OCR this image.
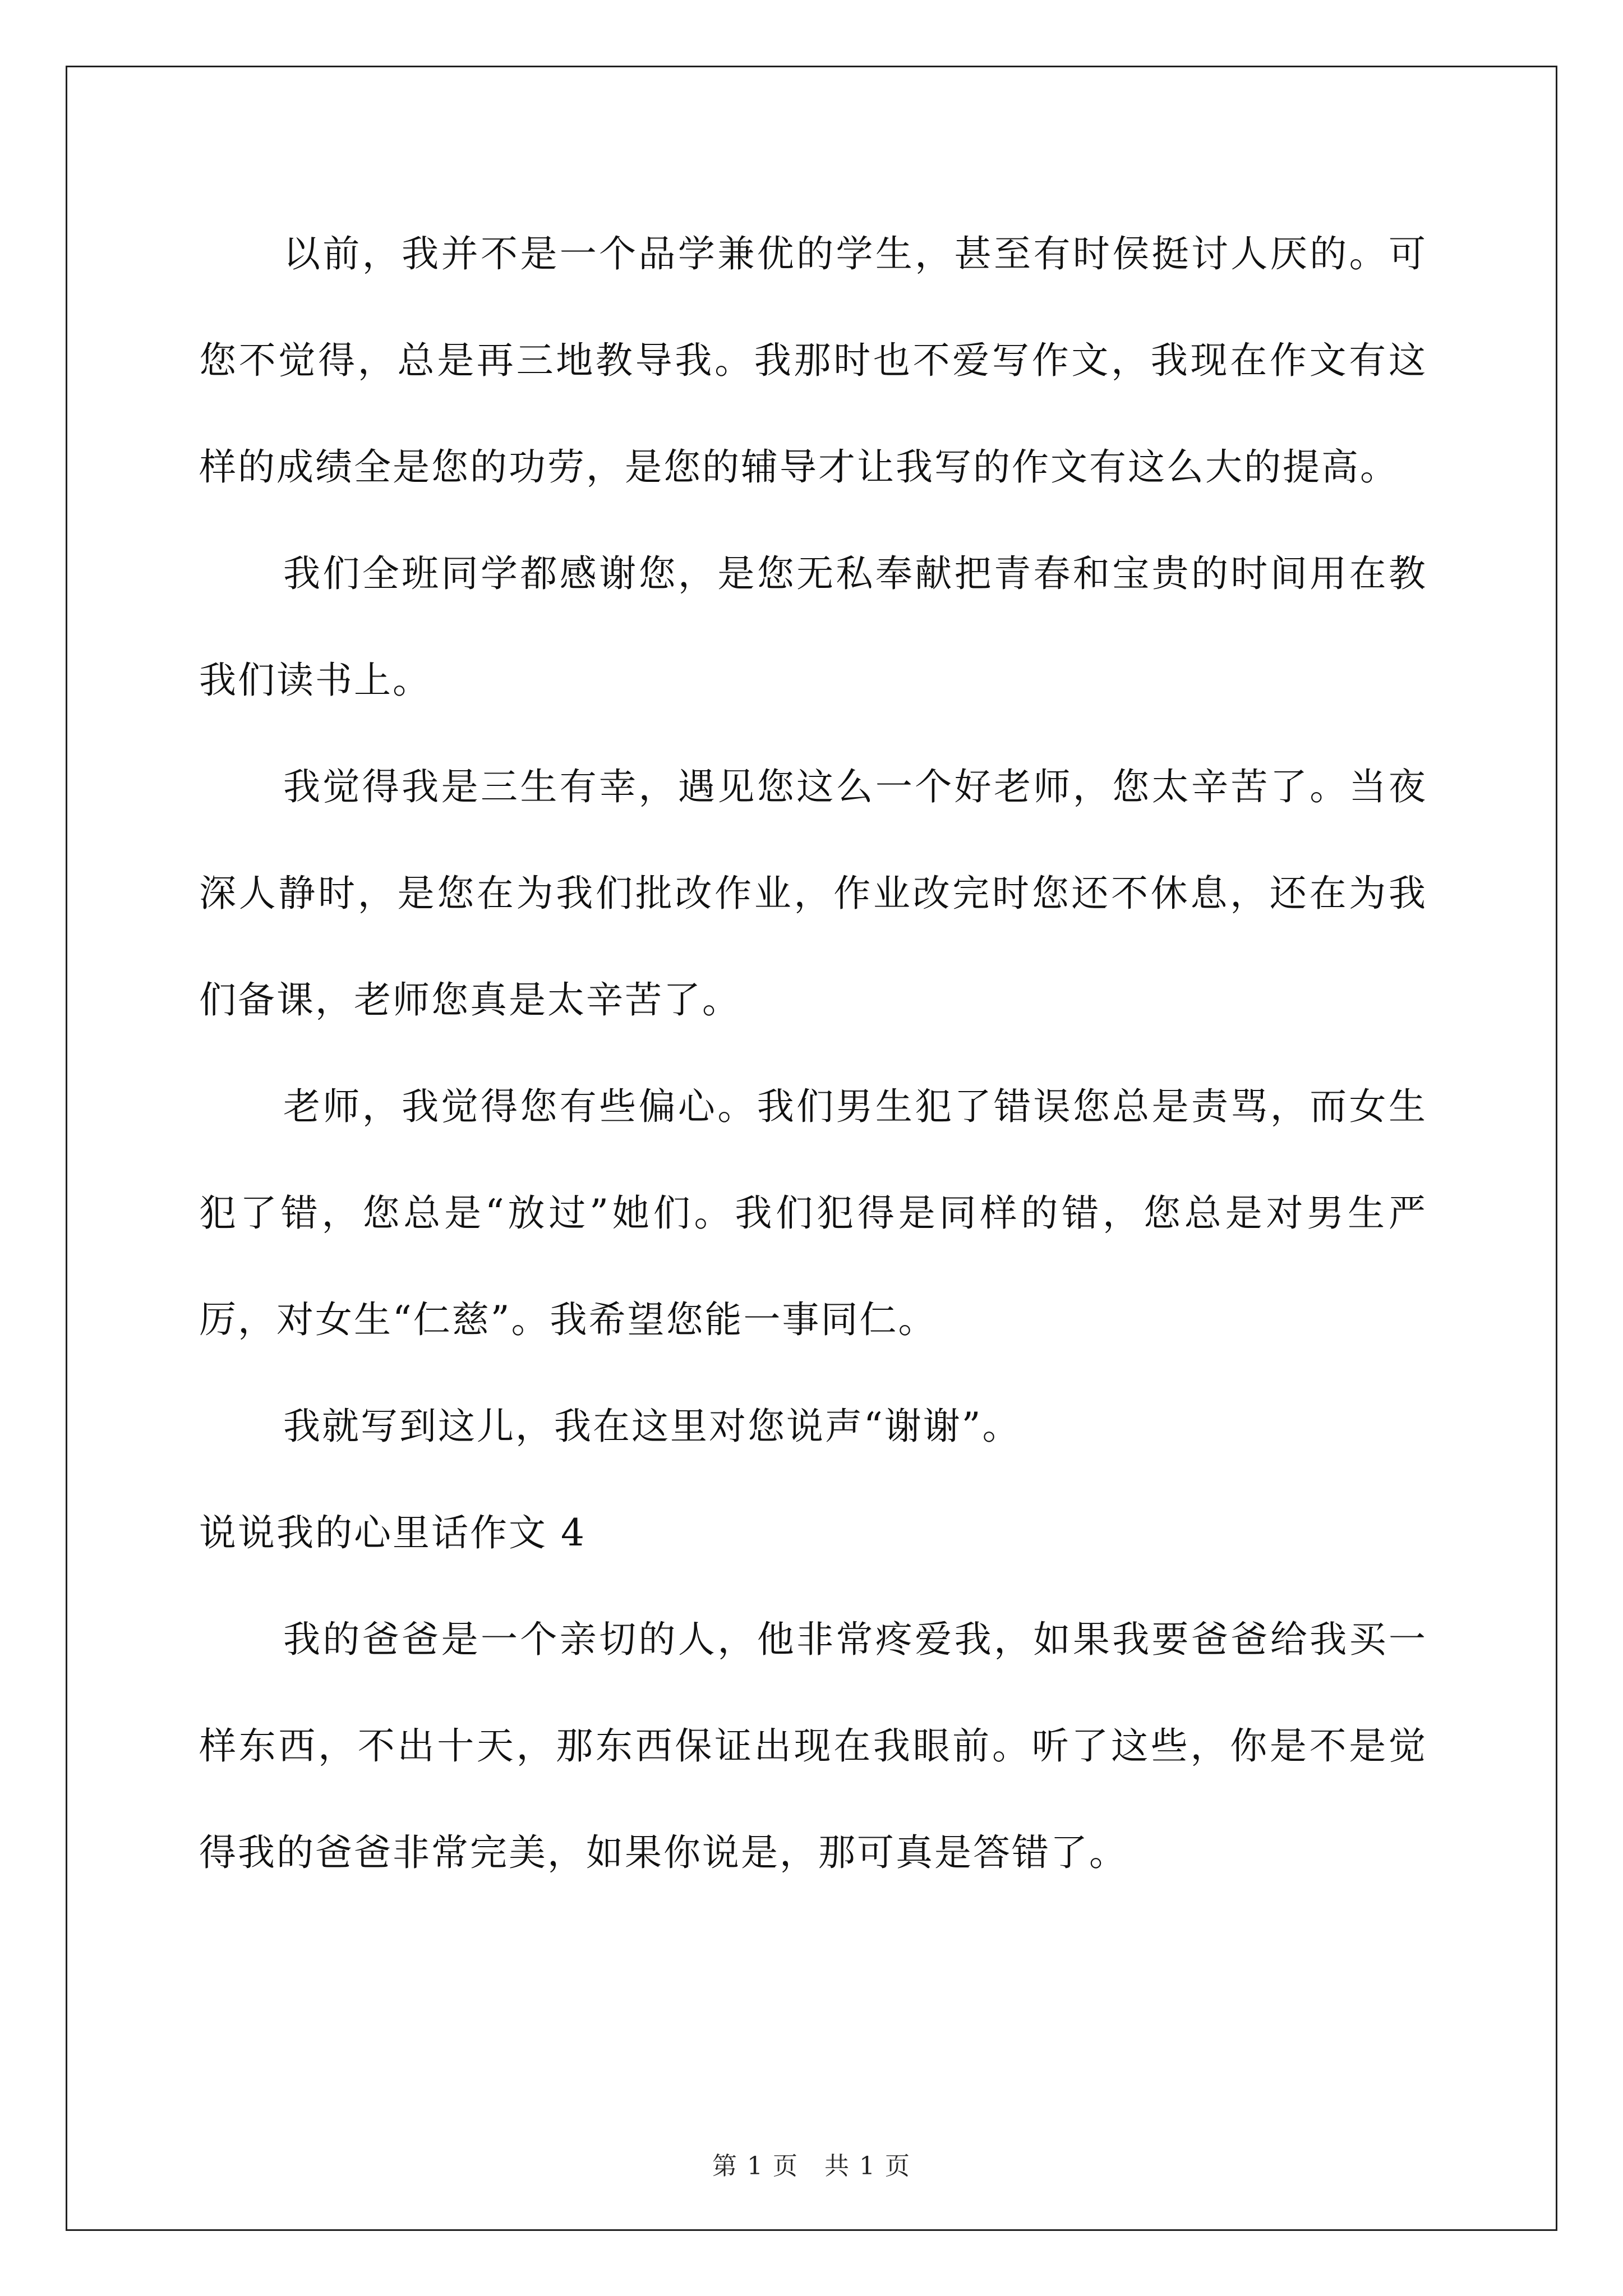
以前，我并不是一个品学兼优的学生，甚至有时侯挺讨人厌的。可您不觉得，总是再三地教导我。我那时也不爱写作文，我现在作文有这样的成绩全是您的功劳，是您的辅导才让我写的作文有这么大的提高。

我们全班同学都感谢您，是您无私奉献把青春和宝贵的时间用在教我们读书上。

我觉得我是三生有幸，遇见您这么一个好老师，您太辛苦了。当夜深人静时，是您在为我们批改作业，作业改完时您还不休息，还在为我们备课，老师您真是太辛苦了。

老师，我觉得您有些偏心。我们男生犯了错误您总是责骂，而女生犯了错，您总是“放过”她们。我们犯得是同样的错，您总是对男生严厉，对女生“仁慈”。我希望您能一事同仁。

我就写到这儿，我在这里对您说声“谢谢”。

说说我的心里话作文 4

我的爸爸是一个亲切的人，他非常疼爱我，如果我要爸爸给我买一样东西，不出十天，那东西保证出现在我眼前。听了这些，你是不是觉得我的爸爸非常完美，如果你说是，那可真是答错了。

第 1 页　共 1 页
